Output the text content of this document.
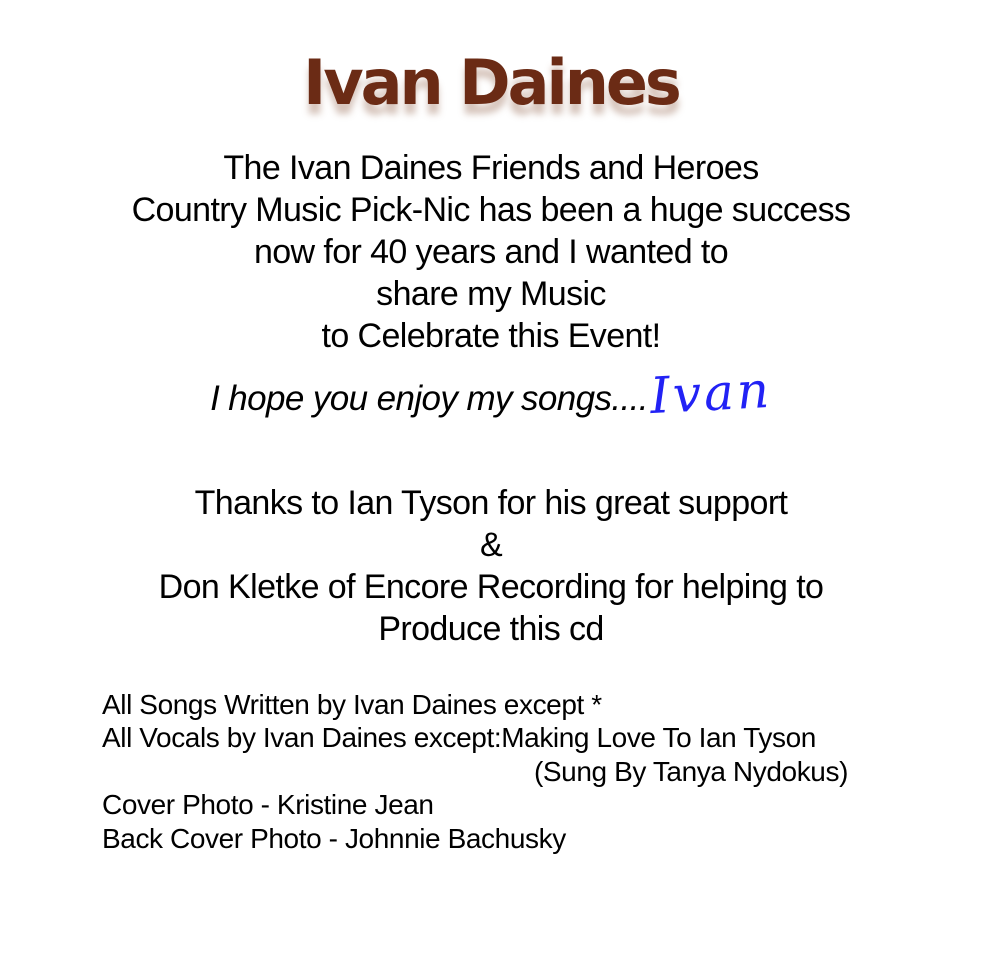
Ivan Daines
The Ivan Daines Friends and Heroes
Country Music Pick-Nic has been a huge success
now for 40 years and I wanted to
share my Music
to Celebrate this Event!
I hope you enjoy my songs.... Ivan
Thanks to Ian Tyson for his great support
&
Don Kletke of Encore Recording for helping to
Produce this cd
All Songs Written by Ivan Daines except *
All Vocals by Ivan Daines except:Making Love To Ian Tyson
(Sung By Tanya Nydokus)
Cover Photo - Kristine Jean
Back Cover Photo - Johnnie Bachusky
